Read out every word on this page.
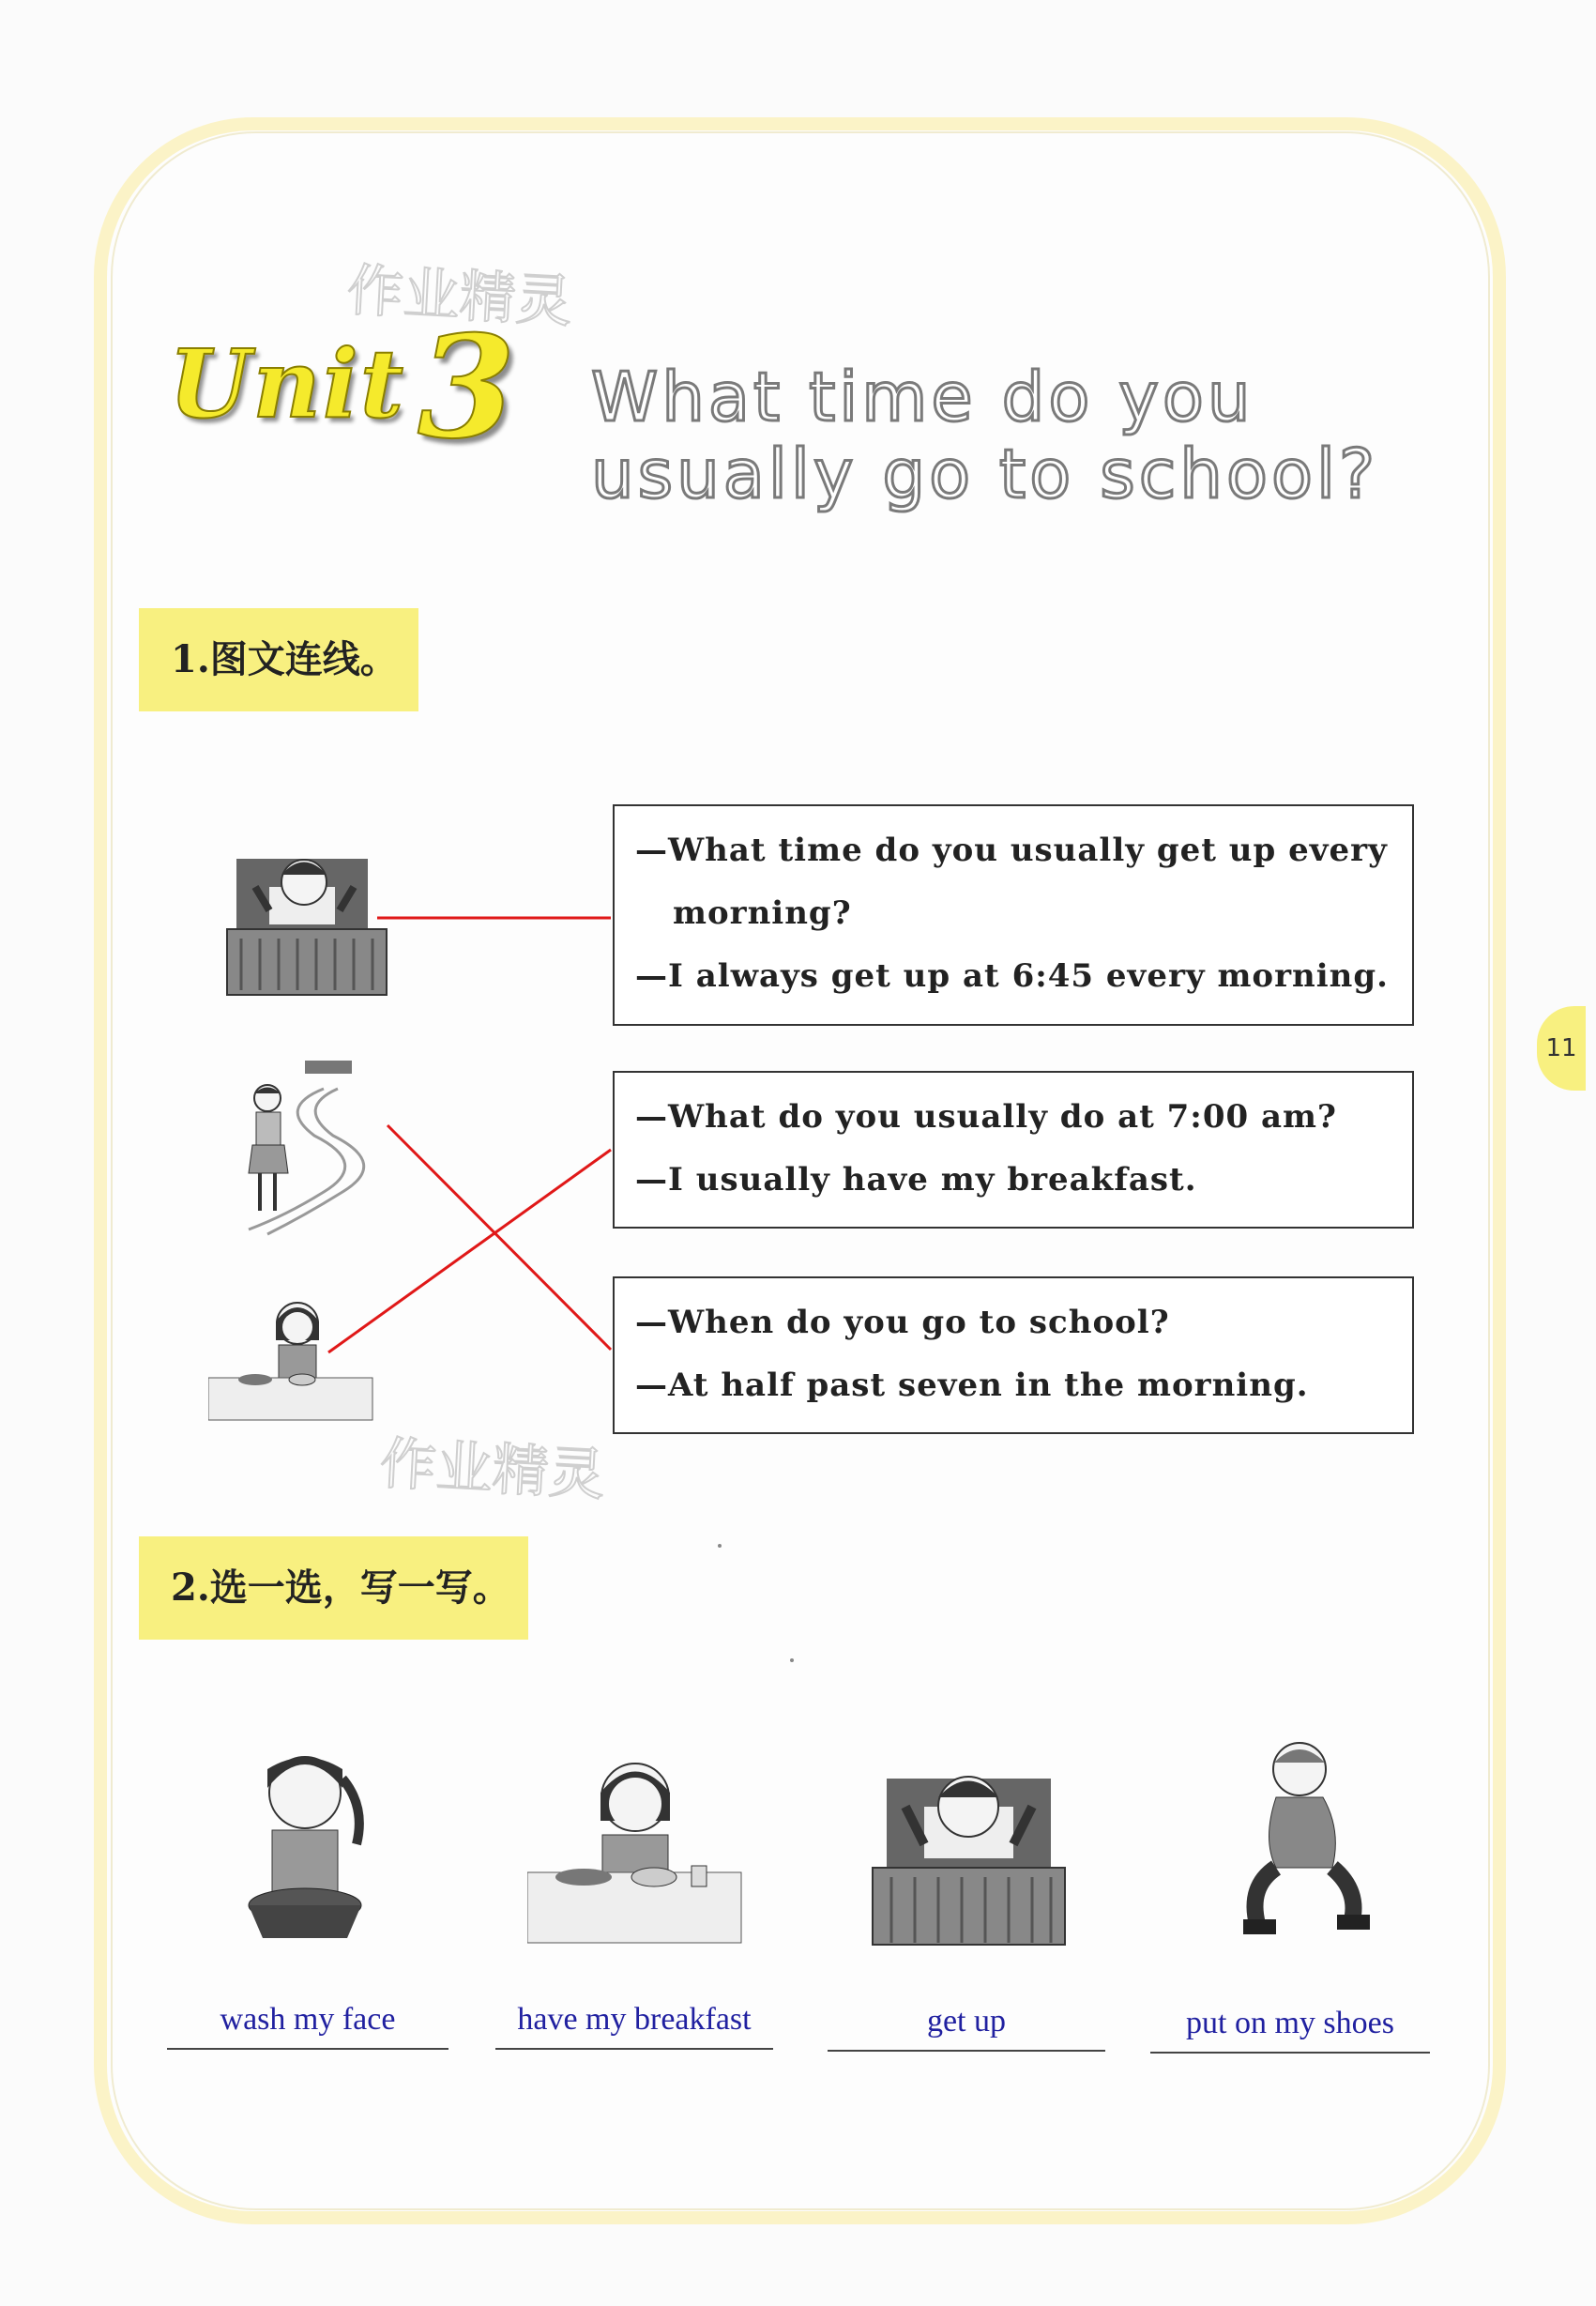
作业精灵
作业精灵
Unit 3 What time do you
usually go to school?
11
1.图文连线。
—What time do you usually get up every
morning?
—I always get up at 6:45 every morning.
—What do you usually do at 7:00 am?
—I usually have my breakfast.
—When do you go to school?
—At half past seven in the morning.
2.选一选，写一写。
wash my face	have my breakfast	get up	put on my shoes
